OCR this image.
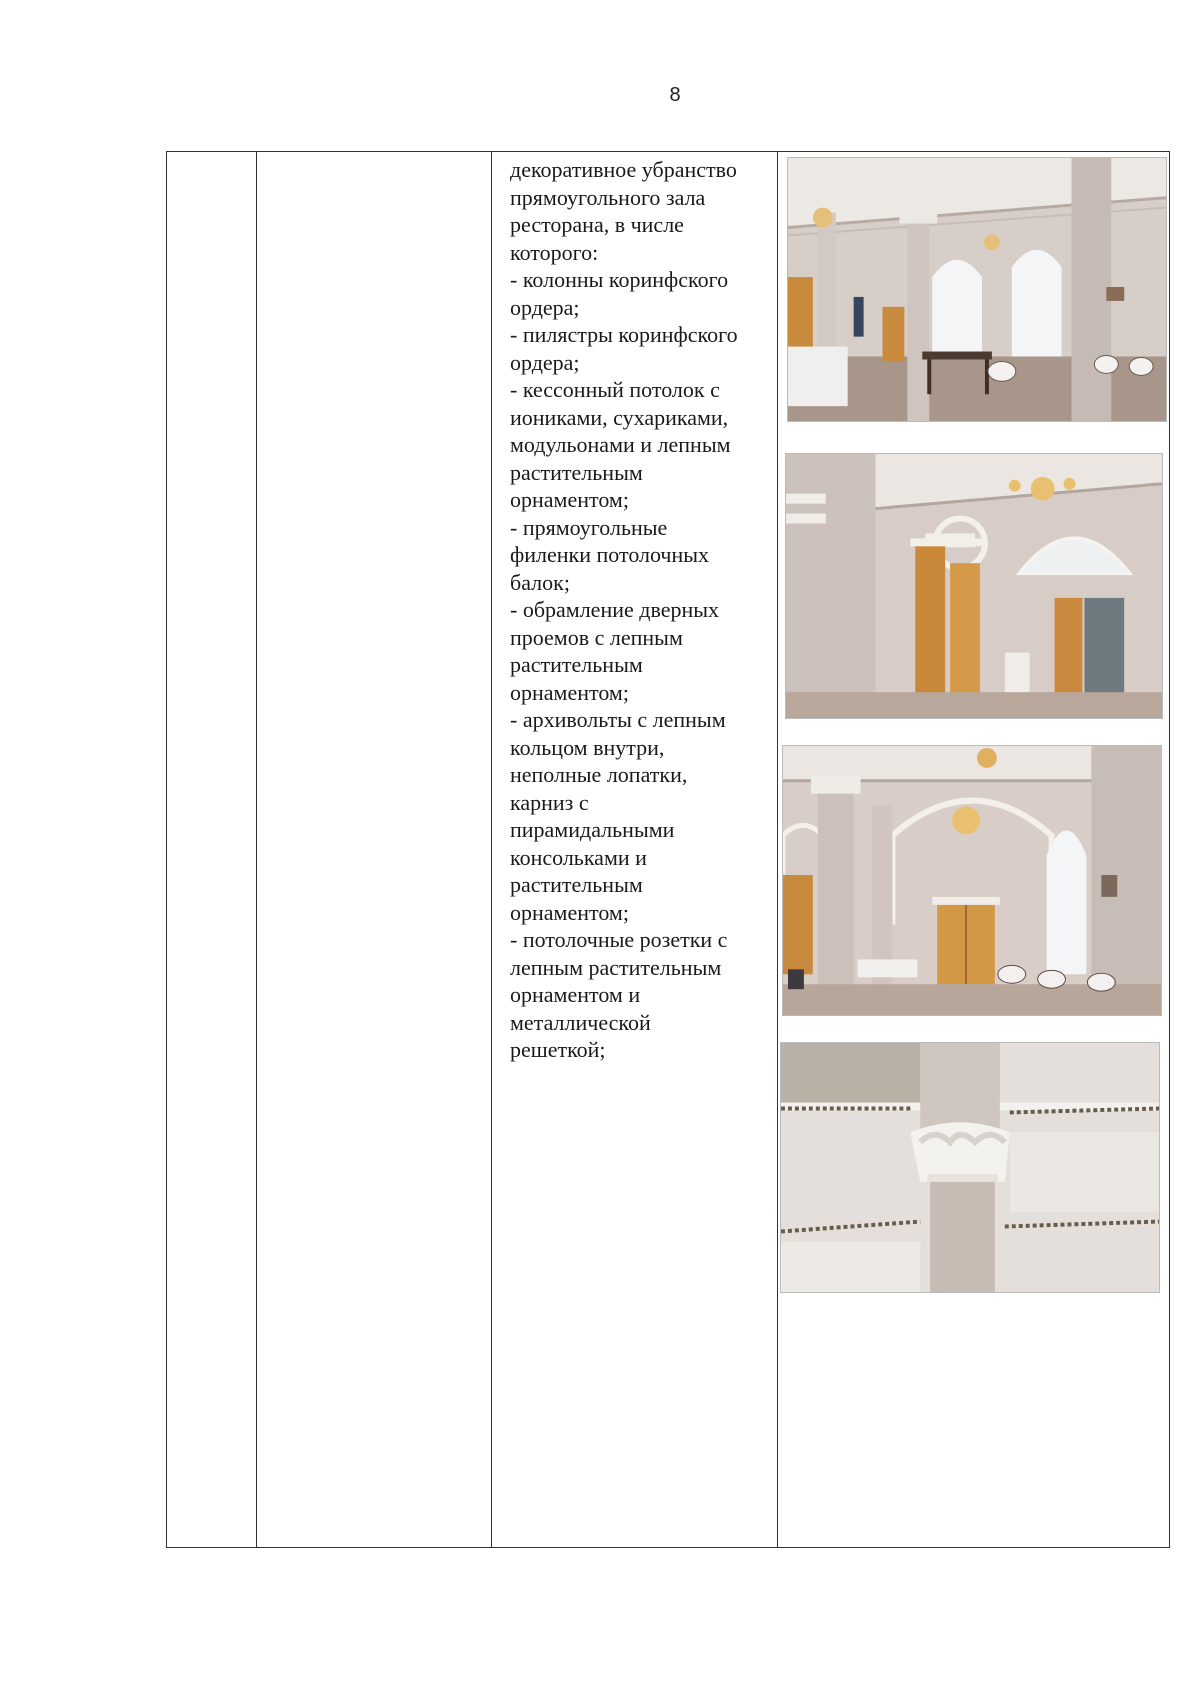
8
декоративное убранство
прямоугольного зала
ресторана, в числе
которого:
- колонны коринфского
ордера;
- пилястры коринфского
ордера;
- кессонный потолок с
иониками, сухариками,
модульонами и лепным
растительным
орнаментом;
- прямоугольные
филенки потолочных
балок;
- обрамление дверных
проемов с лепным
растительным
орнаментом;
- архивольты с лепным
кольцом внутри,
неполные лопатки,
карниз с
пирамидальными
консольками и
растительным
орнаментом;
- потолочные розетки с
лепным растительным
орнаментом и
металлической
решеткой;
